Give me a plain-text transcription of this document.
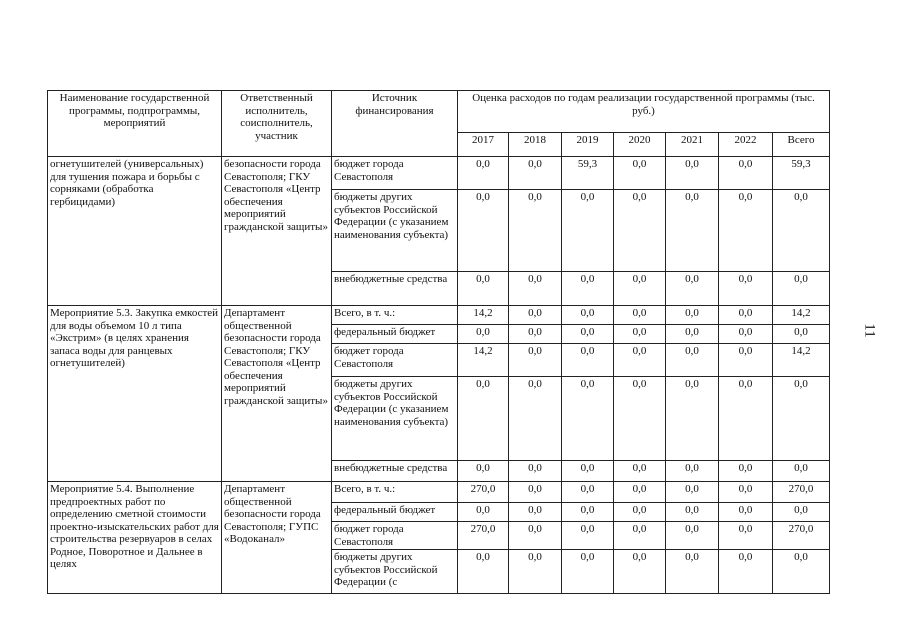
Наименование государственной программы, подпрограммы, мероприятий	Ответственный исполнитель, соисполнитель, участник	Источник финансирования	Оценка расходов по годам реализации государственной программы (тыс. руб.)						
			2017	2018	2019	2020	2021	2022	Всего
огнетушителей (универсальных) для тушения пожара и борьбы с сорняками (обработка гербицидами)	безопасности города Севастополя; ГКУ Севастополя «Центр обеспечения мероприятий гражданской защиты»	бюджет города Севастополя	0,0	0,0	59,3	0,0	0,0	0,0	59,3
		бюджеты других субъектов Российской Федерации (с указанием наименования субъекта)	0,0	0,0	0,0	0,0	0,0	0,0	0,0
		внебюджетные средства	0,0	0,0	0,0	0,0	0,0	0,0	0,0
Мероприятие 5.3. Закупка емкостей для воды объемом 10 л типа «Экстрим» (в целях хранения запаса воды для ранцевых огнетушителей)	Департамент общественной безопасности города Севастополя; ГКУ Севастополя «Центр обеспечения мероприятий гражданской защиты»	Всего, в т. ч.:	14,2	0,0	0,0	0,0	0,0	0,0	14,2
		федеральный бюджет	0,0	0,0	0,0	0,0	0,0	0,0	0,0
		бюджет города Севастополя	14,2	0,0	0,0	0,0	0,0	0,0	14,2
		бюджеты других субъектов Российской Федерации (с указанием наименования субъекта)	0,0	0,0	0,0	0,0	0,0	0,0	0,0
		внебюджетные средства	0,0	0,0	0,0	0,0	0,0	0,0	0,0
Мероприятие 5.4. Выполнение предпроектных работ по определению сметной стоимости проектно-изыскательских работ для строительства резервуаров в селах Родное, Поворотное и Дальнее в целях	Департамент общественной безопасности города Севастополя; ГУПС «Водоканал»	Всего, в т. ч.:	270,0	0,0	0,0	0,0	0,0	0,0	270,0
		федеральный бюджет	0,0	0,0	0,0	0,0	0,0	0,0	0,0
		бюджет города Севастополя	270,0	0,0	0,0	0,0	0,0	0,0	270,0
		бюджеты других субъектов Российской Федерации (с	0,0	0,0	0,0	0,0	0,0	0,0	0,0
11
